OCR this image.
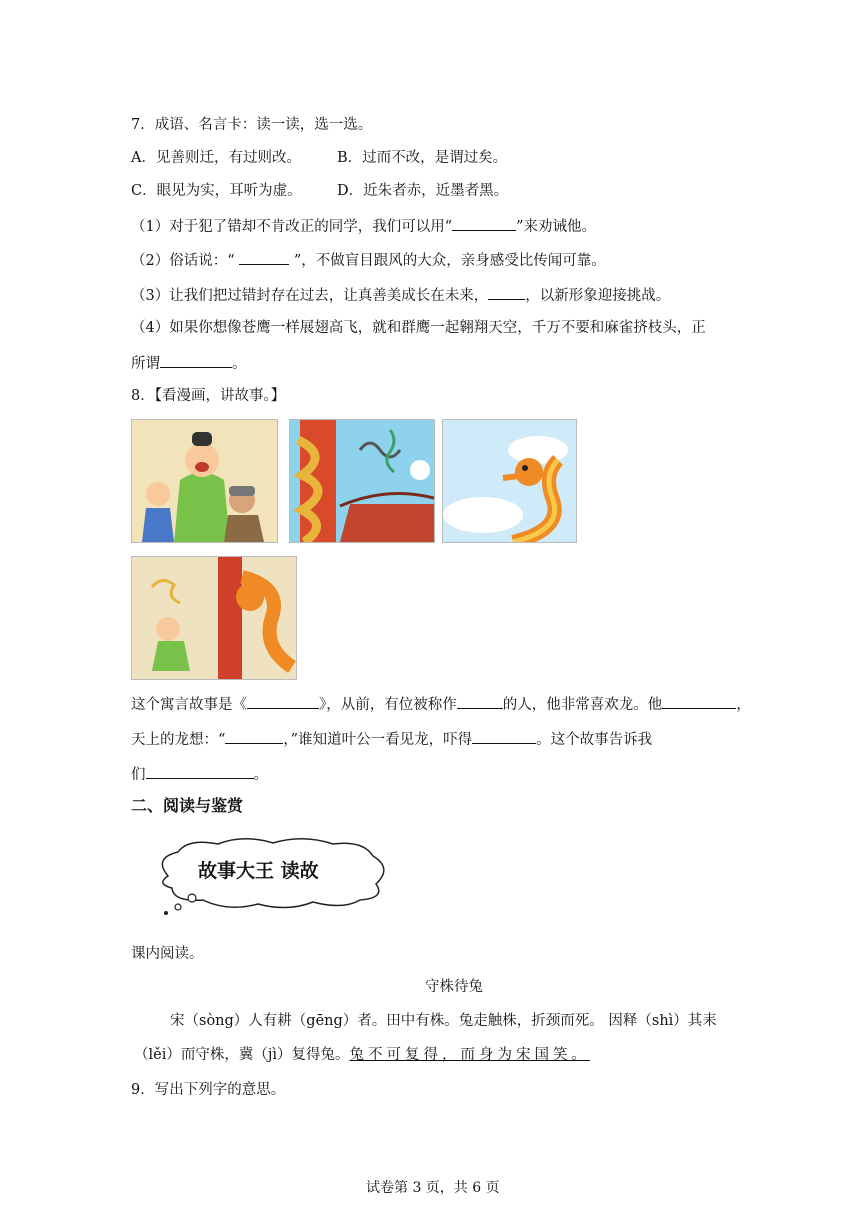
7．成语、名言卡：读一读，选一选。
A．见善则迁，有过则改。 B．过而不改，是谓过矣。
C．眼见为实，耳听为虚。 D．近朱者赤，近墨者黑。
（1）对于犯了错却不肯改正的同学，我们可以用“	”来劝诫他。
（2）俗话说：“	”，不做盲目跟风的大众，亲身感受比传闻可靠。
（3）让我们把过错封存在过去，让真善美成长在未来，	，以新形象迎接挑战。
（4）如果你想像苍鹰一样展翅高飞，就和群鹰一起翱翔天空，千万不要和麻雀挤枝头，正
所谓	。
8．【看漫画，讲故事。】
这个寓言故事是《	》，从前，有位被称作	的人，他非常喜欢龙。他	，
天上的龙想：“	，”谁知道叶公一看见龙，吓得	。这个故事告诉我
们	。
二、阅读与鉴赏
故事大王 读故
课内阅读。
守株待兔
宋（sòng）人有耕（gēng）者。田中有株。兔走触株，折颈而死。 因释（shì）其耒
（lěi）而守株，冀（jì）复得兔。兔不可复得，而身为宋国笑。
9．写出下列字的意思。
试卷第 3 页，共 6 页
